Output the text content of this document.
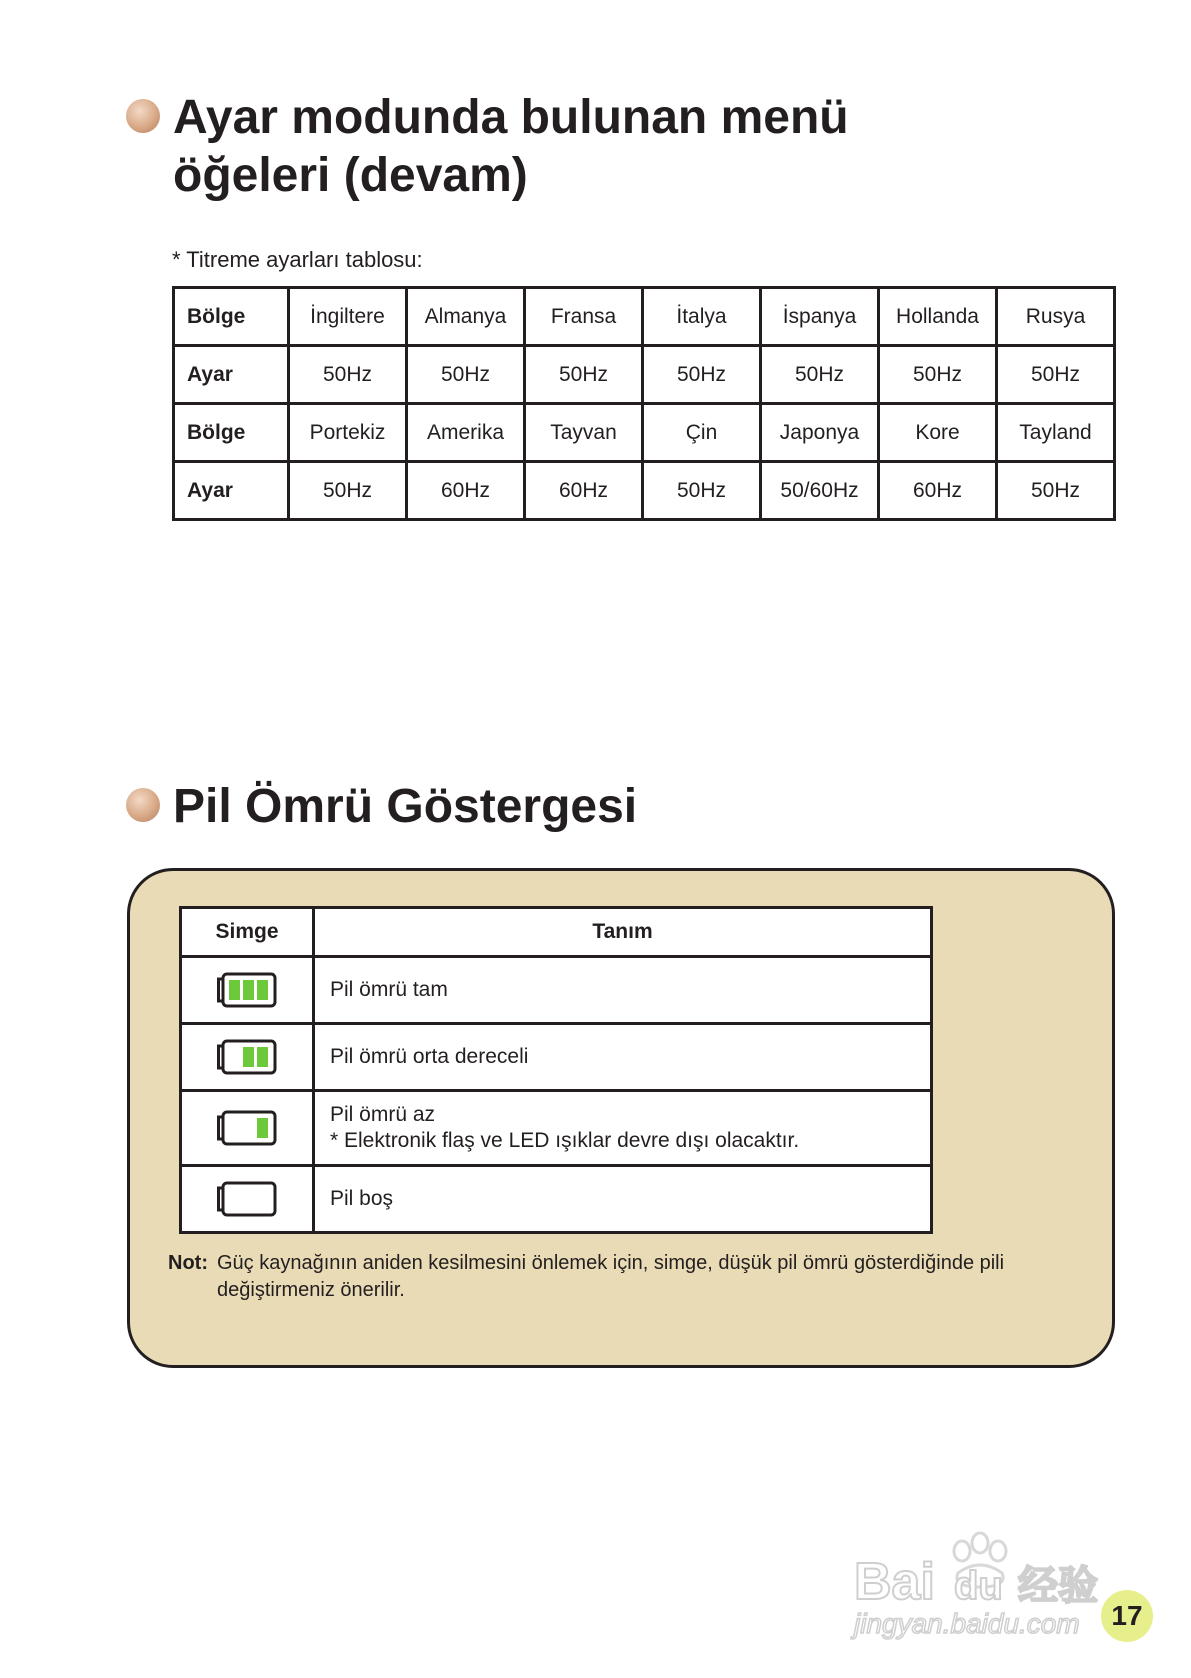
Ayar modunda bulunan menü
öğeleri (devam)

* Titreme ayarları tablosu:

Bölge	İngiltere	Almanya	Fransa	İtalya	İspanya	Hollanda	Rusya
Ayar	50Hz	50Hz	50Hz	50Hz	50Hz	50Hz	50Hz
Bölge	Portekiz	Amerika	Tayvan	Çin	Japonya	Kore	Tayland
Ayar	50Hz	60Hz	60Hz	50Hz	50/60Hz	60Hz	50Hz
Pil Ömrü Göstergesi
Simge	Tanım
	Pil ömrü tam
	Pil ömrü orta dereceli
	Pil ömrü az
* Elektronik flaş ve LED ışıklar devre dışı olacaktır.
	Pil boş

Not: Güç kaynağının aniden kesilmesini önlemek için, simge, düşük pil ömrü gösterdiğinde pili değiştirmeniz önerilir.

Bai du 经验
jingyan.baidu.com	17
